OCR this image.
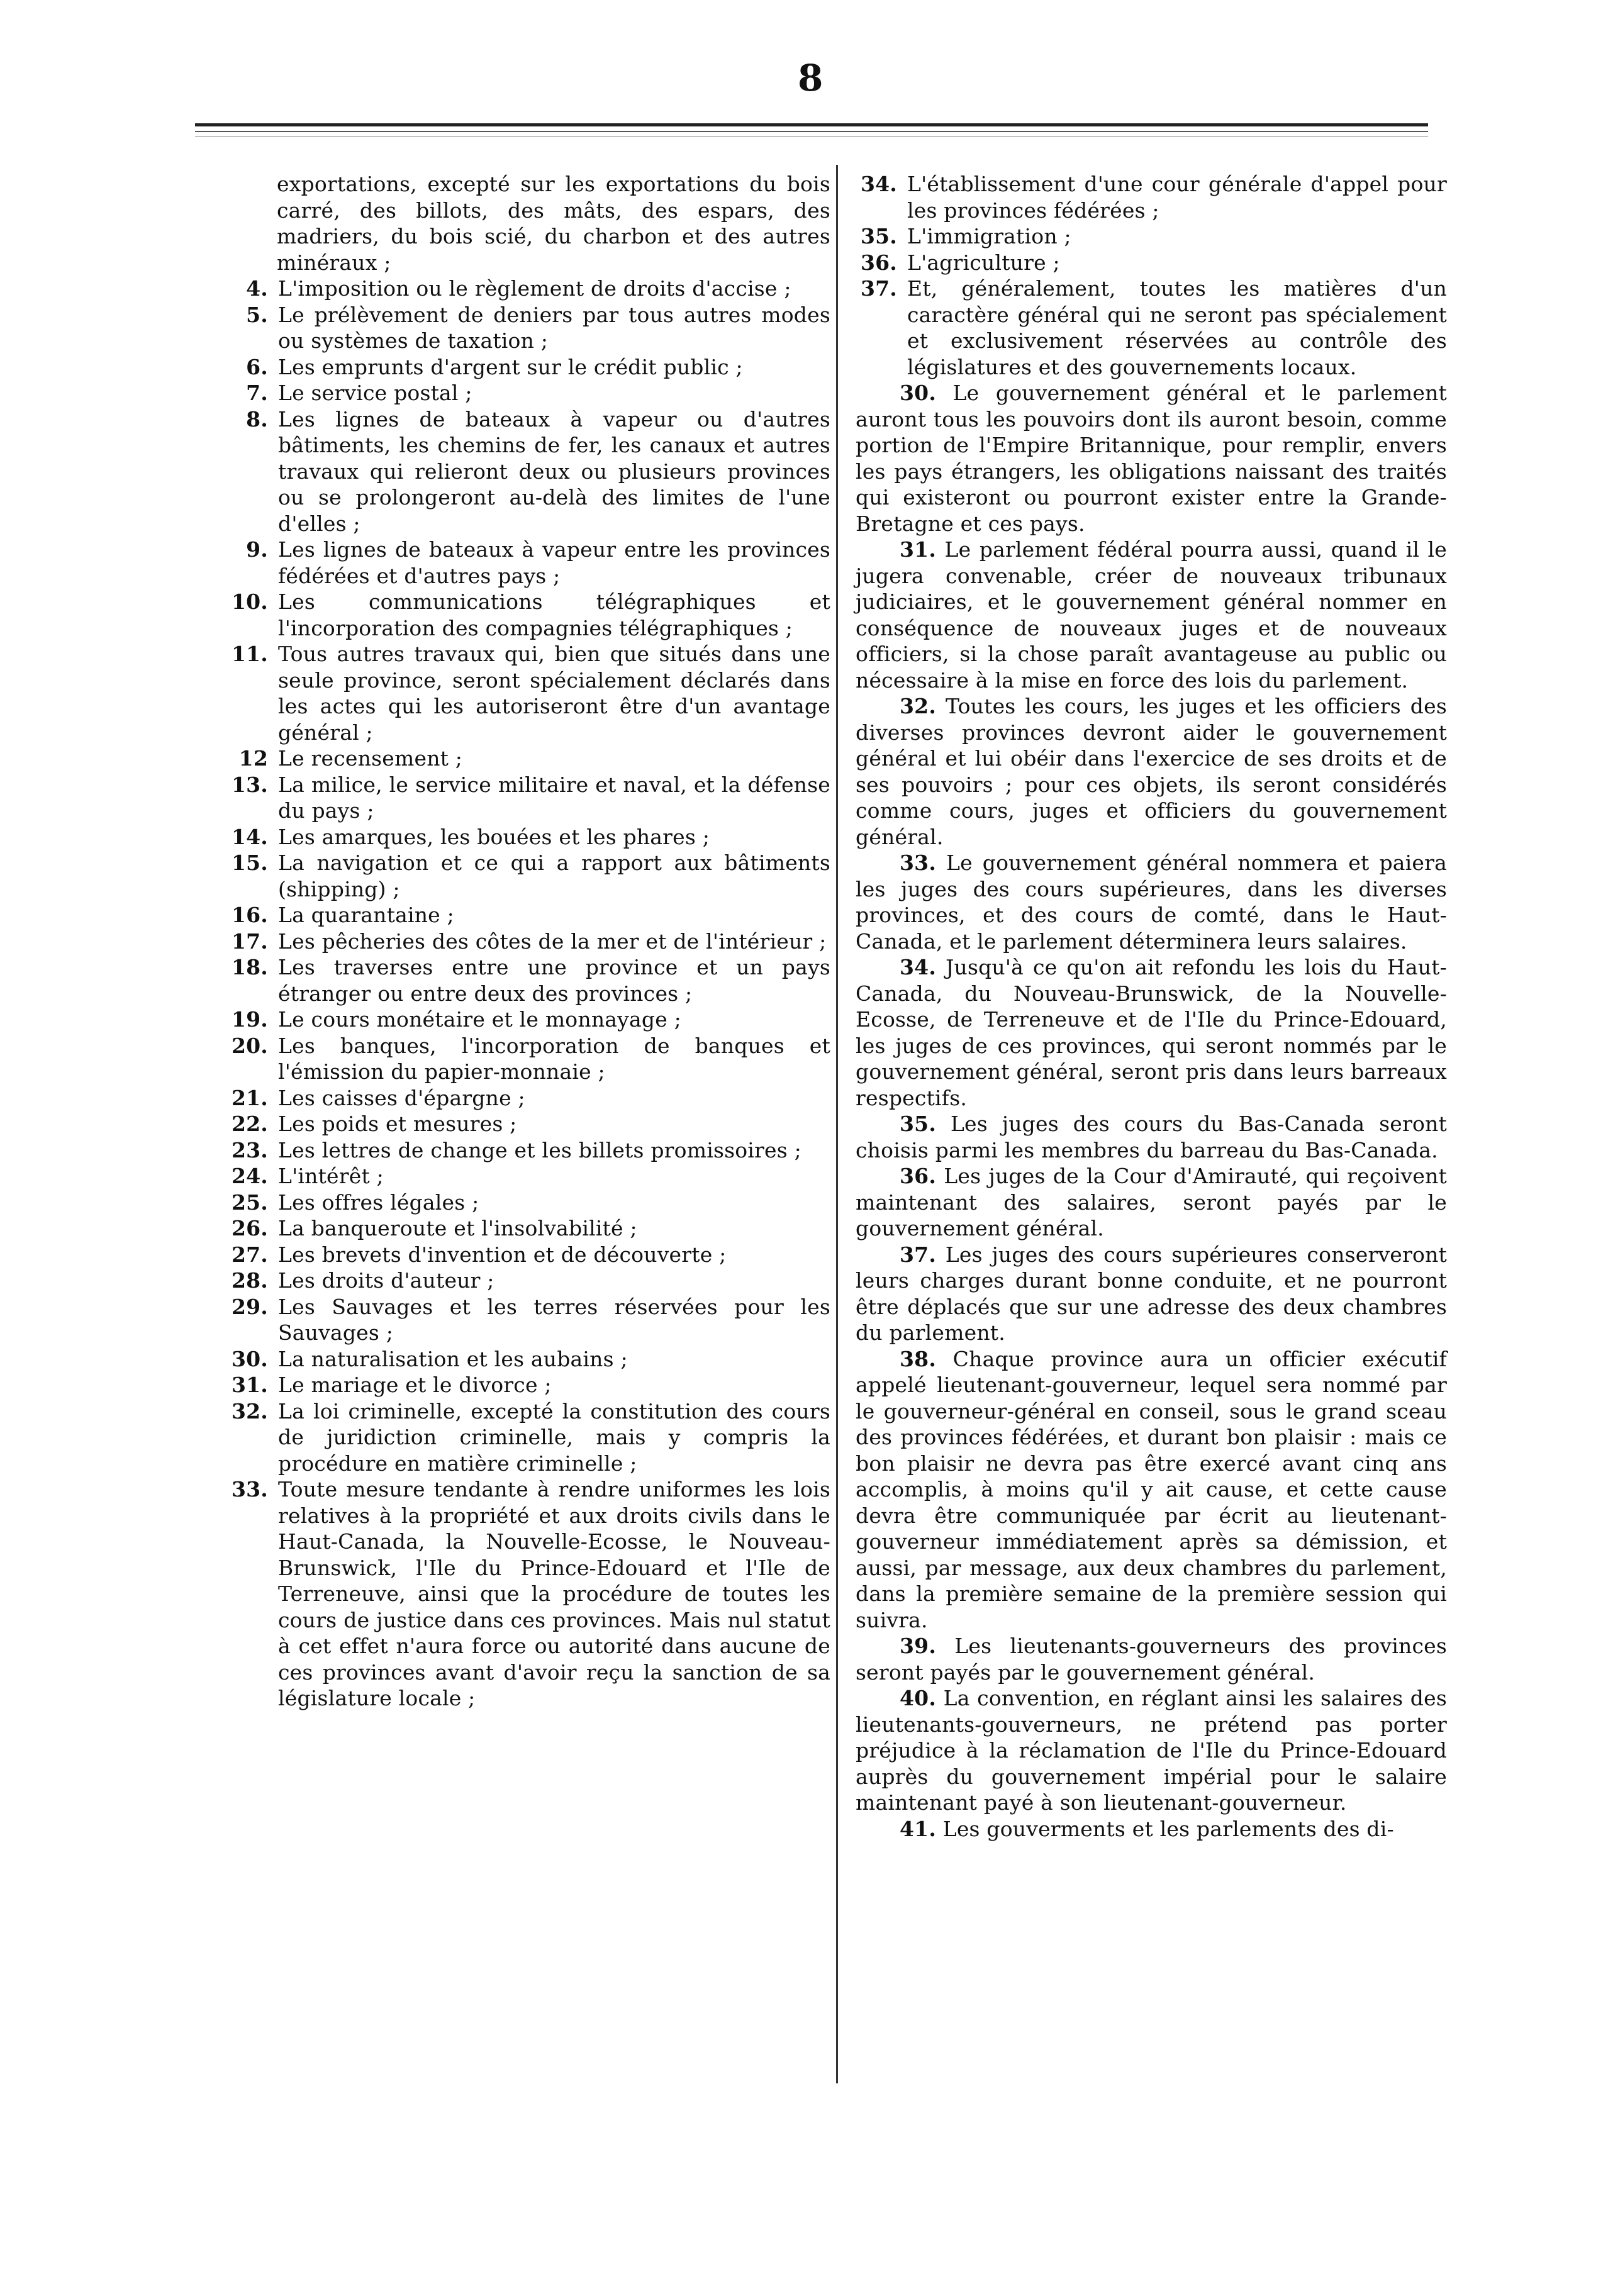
8
exportations, excepté sur les exportations du bois carré, des billots, des mâts, des espars, des madriers, du bois scié, du charbon et des autres minéraux ;
4. L'imposition ou le règlement de droits d'accise ;
5. Le prélèvement de deniers par tous autres modes ou systèmes de taxation ;
6. Les emprunts d'argent sur le crédit public ;
7. Le service postal ;
8. Les lignes de bateaux à vapeur ou d'autres bâtiments, les chemins de fer, les canaux et autres travaux qui relieront deux ou plusieurs provinces ou se prolongeront au-delà des limites de l'une d'elles ;
9. Les lignes de bateaux à vapeur entre les provinces fédérées et d'autres pays ;
10. Les communications télégraphiques et l'incorporation des compagnies télégraphiques ;
11. Tous autres travaux qui, bien que situés dans une seule province, seront spécialement déclarés dans les actes qui les autoriseront être d'un avantage général ;
12 Le recensement ;
13. La milice, le service militaire et naval, et la défense du pays ;
14. Les amarques, les bouées et les phares ;
15. La navigation et ce qui a rapport aux bâtiments (shipping) ;
16. La quarantaine ;
17. Les pêcheries des côtes de la mer et de l'intérieur ;
18. Les traverses entre une province et un pays étranger ou entre deux des provinces ;
19. Le cours monétaire et le monnayage ;
20. Les banques, l'incorporation de banques et l'émission du papier-monnaie ;
21. Les caisses d'épargne ;
22. Les poids et mesures ;
23. Les lettres de change et les billets promissoires ;
24. L'intérêt ;
25. Les offres légales ;
26. La banqueroute et l'insolvabilité ;
27. Les brevets d'invention et de découverte ;
28. Les droits d'auteur ;
29. Les Sauvages et les terres réservées pour les Sauvages ;
30. La naturalisation et les aubains ;
31. Le mariage et le divorce ;
32. La loi criminelle, excepté la constitution des cours de juridiction criminelle, mais y compris la procédure en matière criminelle ;
33. Toute mesure tendante à rendre uniformes les lois relatives à la propriété et aux droits civils dans le Haut-Canada, la Nouvelle-Ecosse, le Nouveau-Brunswick, l'Ile du Prince-Edouard et l'Ile de Terreneuve, ainsi que la procédure de toutes les cours de justice dans ces provinces. Mais nul statut à cet effet n'aura force ou autorité dans aucune de ces provinces avant d'avoir reçu la sanction de sa législature locale ;
34. L'établissement d'une cour générale d'appel pour les provinces fédérées ;
35. L'immigration ;
36. L'agriculture ;
37. Et, généralement, toutes les matières d'un caractère général qui ne seront pas spécialement et exclusivement réservées au contrôle des législatures et des gouvernements locaux.
30. Le gouvernement général et le parlement auront tous les pouvoirs dont ils auront besoin, comme portion de l'Empire Britannique, pour remplir, envers les pays étrangers, les obligations naissant des traités qui existeront ou pourront exister entre la Grande-Bretagne et ces pays.
31. Le parlement fédéral pourra aussi, quand il le jugera convenable, créer de nouveaux tribunaux judiciaires, et le gouvernement général nommer en conséquence de nouveaux juges et de nouveaux officiers, si la chose paraît avantageuse au public ou nécessaire à la mise en force des lois du parlement.
32. Toutes les cours, les juges et les officiers des diverses provinces devront aider le gouvernement général et lui obéir dans l'exercice de ses droits et de ses pouvoirs ; pour ces objets, ils seront considérés comme cours, juges et officiers du gouvernement général.
33. Le gouvernement général nommera et paiera les juges des cours supérieures, dans les diverses provinces, et des cours de comté, dans le Haut-Canada, et le parlement déterminera leurs salaires.
34. Jusqu'à ce qu'on ait refondu les lois du Haut-Canada, du Nouveau-Brunswick, de la Nouvelle-Ecosse, de Terreneuve et de l'Ile du Prince-Edouard, les juges de ces provinces, qui seront nommés par le gouvernement général, seront pris dans leurs barreaux respectifs.
35. Les juges des cours du Bas-Canada seront choisis parmi les membres du barreau du Bas-Canada.
36. Les juges de la Cour d'Amirauté, qui reçoivent maintenant des salaires, seront payés par le gouvernement général.
37. Les juges des cours supérieures conserveront leurs charges durant bonne conduite, et ne pourront être déplacés que sur une adresse des deux chambres du parlement.
38. Chaque province aura un officier exécutif appelé lieutenant-gouverneur, lequel sera nommé par le gouverneur-général en conseil, sous le grand sceau des provinces fédérées, et durant bon plaisir : mais ce bon plaisir ne devra pas être exercé avant cinq ans accomplis, à moins qu'il y ait cause, et cette cause devra être communiquée par écrit au lieutenant-gouverneur immédiatement après sa démission, et aussi, par message, aux deux chambres du parlement, dans la première semaine de la première session qui suivra.
39. Les lieutenants-gouverneurs des provinces seront payés par le gouvernement général.
40. La convention, en réglant ainsi les salaires des lieutenants-gouverneurs, ne prétend pas porter préjudice à la réclamation de l'Ile du Prince-Edouard auprès du gouvernement impérial pour le salaire maintenant payé à son lieutenant-gouverneur.
41. Les gouverments et les parlements des di-
